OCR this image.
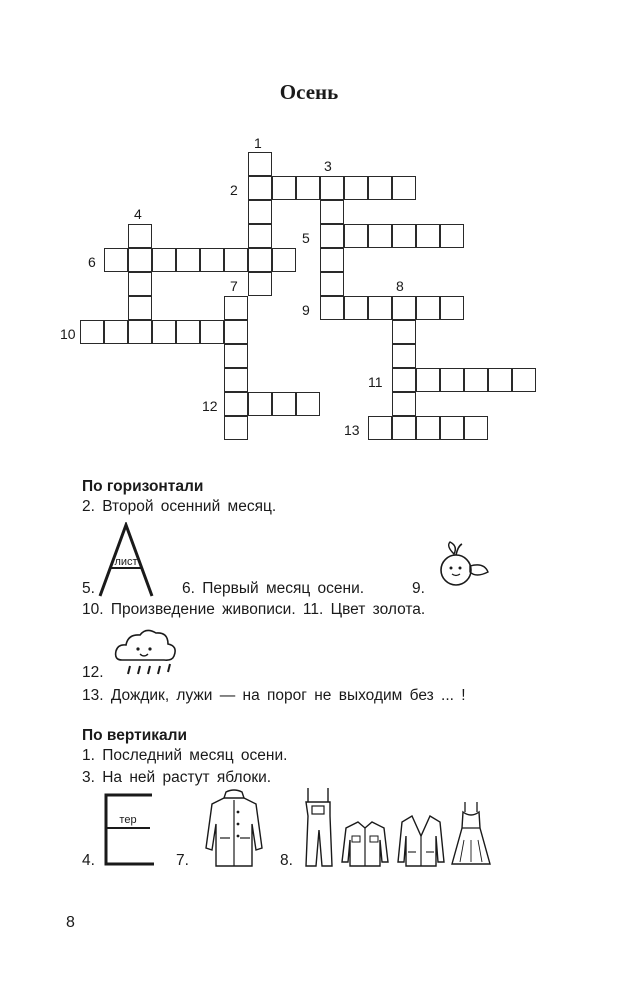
Осень
1
2
3
4
5
6
7	8
9
10
11
12
13
По горизонтали
2. Второй осенний месяц.
5.
лист
6. Первый месяц осени.	9.
10. Произведение живописи. 11. Цвет золота.
12.
13. Дождик, лужи — на порог не выходим без ... !
По вертикали
1. Последний месяц осени.
3. На ней растут яблоки.
4.
тер
7.	8.
8
